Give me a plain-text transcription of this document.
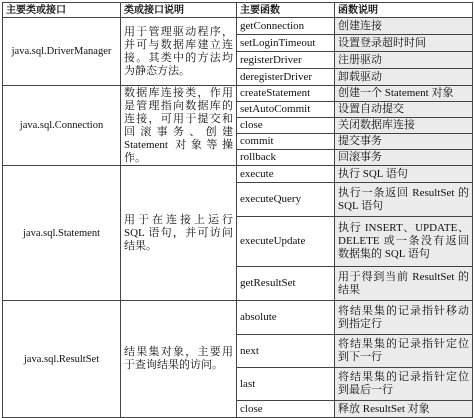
主要类或接口	类或接口说明	主要函数	函数说明
java.sql.DriverManager	用于管理驱动程序，并可与数据库建立连接。其类中的方法均为静态方法。	getConnection	创建连接
		setLoginTimeout	设置登录超时时间
		registerDriver	注册驱动
		deregisterDriver	卸载驱动
java.sql.Connection	数据库连接类，作用是管理指向数据库的连接，可用于提交和回滚事务、创建 Statement 对象等操作。	createStatement	创建一个 Statement 对象
		setAutoCommit	设置自动提交
		close	关闭数据库连接
		commit	提交事务
		rollback	回滚事务
java.sql.Statement	用于在连接上运行 SQL 语句，并可访问结果。	execute	执行 SQL 语句
		executeQuery	执行一条返回 ResultSet 的 SQL 语句
		executeUpdate	执行 INSERT、UPDATE、DELETE 或一条没有返回数据集的 SQL 语句
		getResultSet	用于得到当前 ResultSet 的结果
java.sql.ResultSet	结果集对象，主要用于查询结果的访问。	absolute	将结果集的记录指针移动到指定行
		next	将结果集的记录指针定位到下一行
		last	将结果集的记录指针定位到最后一行
		close	释放 ResultSet 对象
